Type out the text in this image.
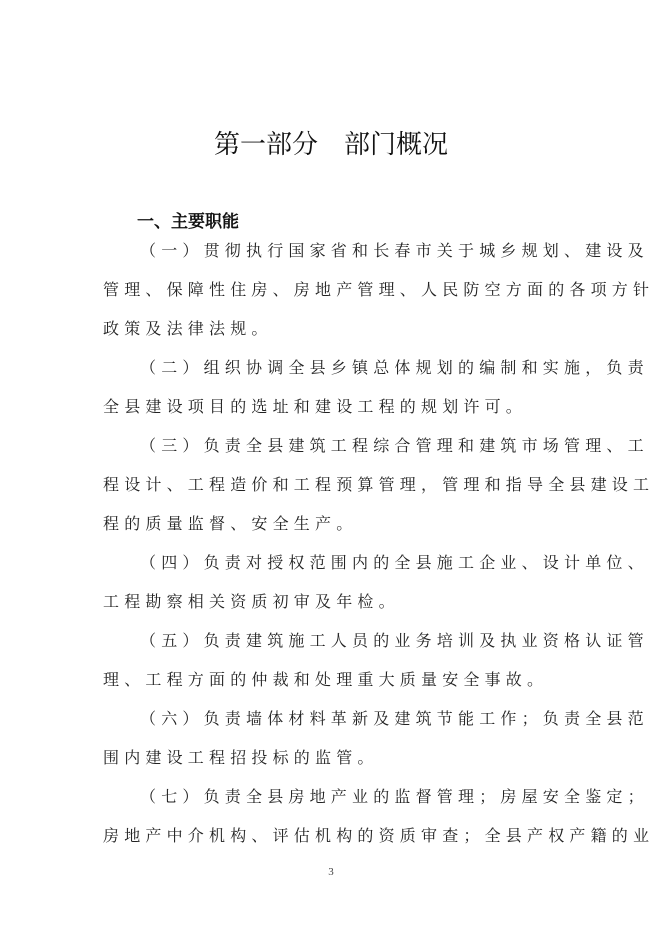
第一部分 部门概况
一、主要职能
（一）贯彻执行国家省和长春市关于城乡规划、建设及
管理、保障性住房、房地产管理、人民防空方面的各项方针
政策及法律法规。
（二）组织协调全县乡镇总体规划的编制和实施，负责
全县建设项目的选址和建设工程的规划许可。
（三）负责全县建筑工程综合管理和建筑市场管理、工
程设计、工程造价和工程预算管理，管理和指导全县建设工
程的质量监督、安全生产。
（四）负责对授权范围内的全县施工企业、设计单位、
工程勘察相关资质初审及年检。
（五）负责建筑施工人员的业务培训及执业资格认证管
理、工程方面的仲裁和处理重大质量安全事故。
（六）负责墙体材料革新及建筑节能工作；负责全县范
围内建设工程招投标的监管。
（七）负责全县房地产业的监督管理；房屋安全鉴定；
房地产中介机构、评估机构的资质审查；全县产权产籍的业
3
